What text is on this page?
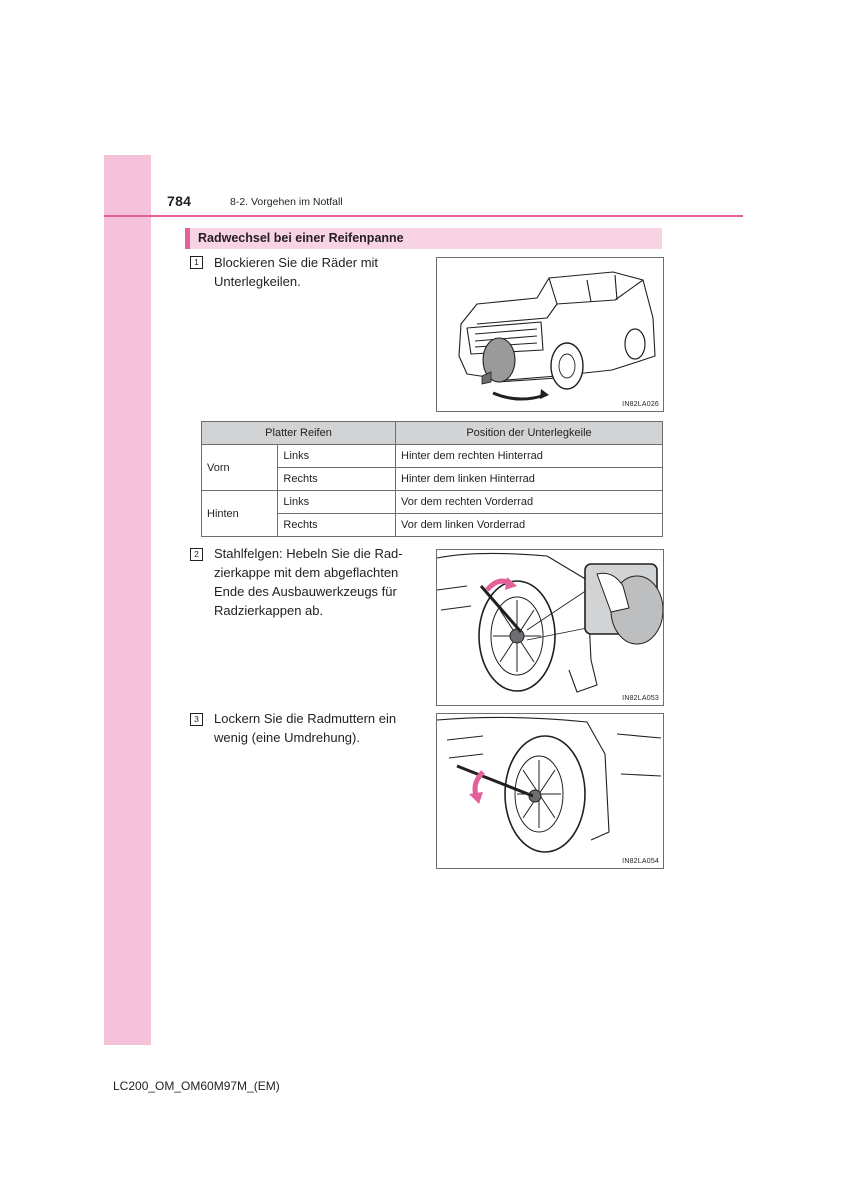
784	8-2. Vorgehen im Notfall
Radwechsel bei einer Reifenpanne
1	Blockieren Sie die Räder mit
Unterlegkeilen.
IN82LA026
Platter Reifen		Position der Unterlegkeile
Vorn	Links	Hinter dem rechten Hinterrad
	Rechts	Hinter dem linken Hinterrad
Hinten	Links	Vor dem rechten Vorderrad
	Rechts	Vor dem linken Vorderrad
2	Stahlfelgen: Hebeln Sie die Rad-
zierkappe mit dem abgeflachten
Ende des Ausbauwerkzeugs für
Radzierkappen ab.
IN82LA053
3	Lockern Sie die Radmuttern ein
wenig (eine Umdrehung).
IN82LA054
LC200_OM_OM60M97M_(EM)
